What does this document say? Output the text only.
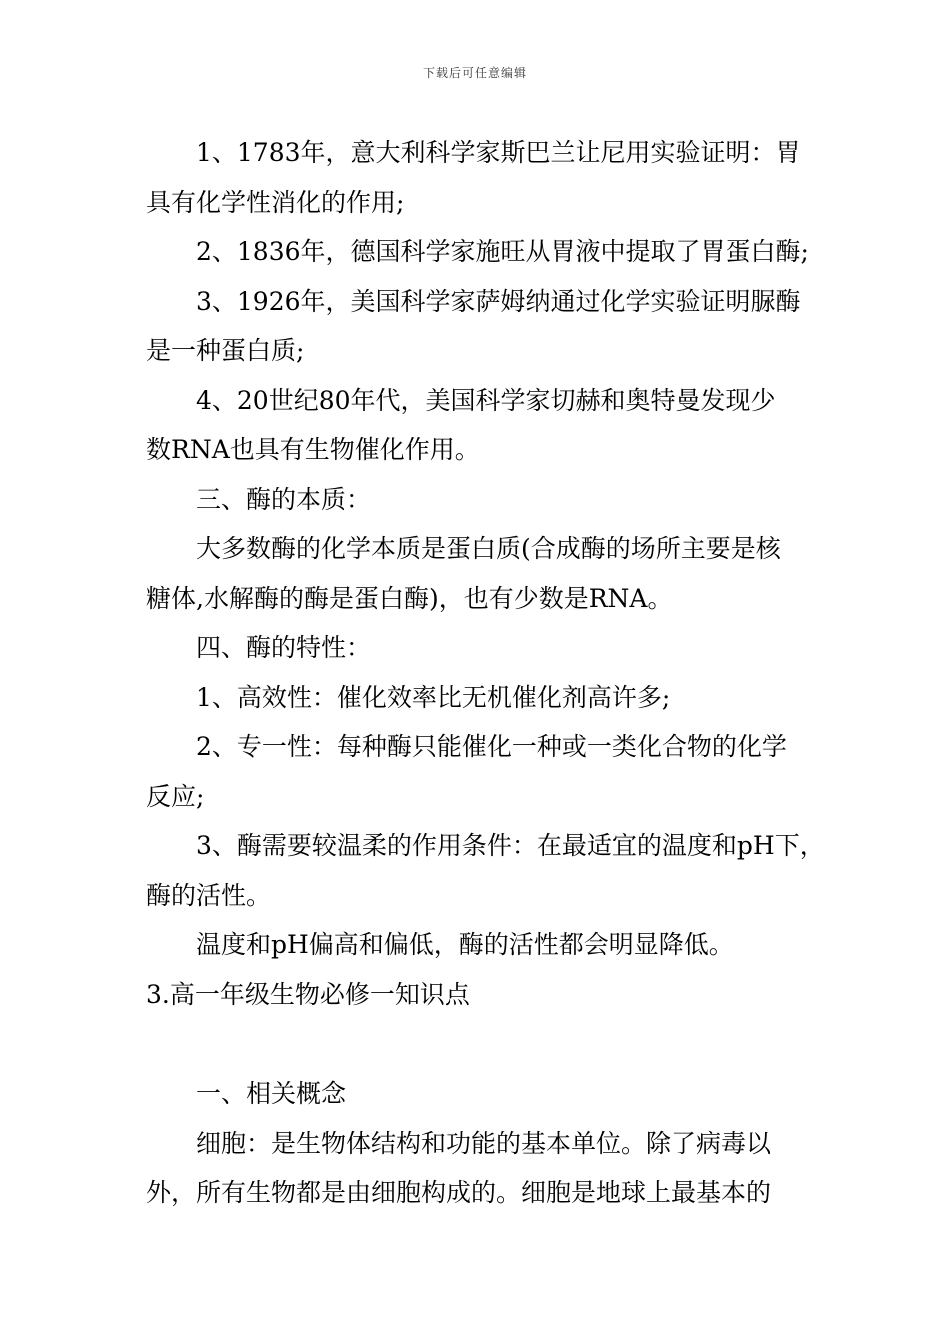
下载后可任意编辑
1、1783年，意大利科学家斯巴兰让尼用实验证明：胃
具有化学性消化的作用;
2、1836年，德国科学家施旺从胃液中提取了胃蛋白酶;
3、1926年，美国科学家萨姆纳通过化学实验证明脲酶
是一种蛋白质;
4、20世纪80年代，美国科学家切赫和奥特曼发现少
数RNA也具有生物催化作用。
三、酶的本质：
大多数酶的化学本质是蛋白质(合成酶的场所主要是核
糖体,水解酶的酶是蛋白酶)，也有少数是RNA。
四、酶的特性：
1、高效性：催化效率比无机催化剂高许多;
2、专一性：每种酶只能催化一种或一类化合物的化学
反应;
3、酶需要较温柔的作用条件：在最适宜的温度和pH下，
酶的活性。
温度和pH偏高和偏低，酶的活性都会明显降低。
3.高一年级生物必修一知识点
一、相关概念
细胞：是生物体结构和功能的基本单位。除了病毒以
外，所有生物都是由细胞构成的。细胞是地球上最基本的
